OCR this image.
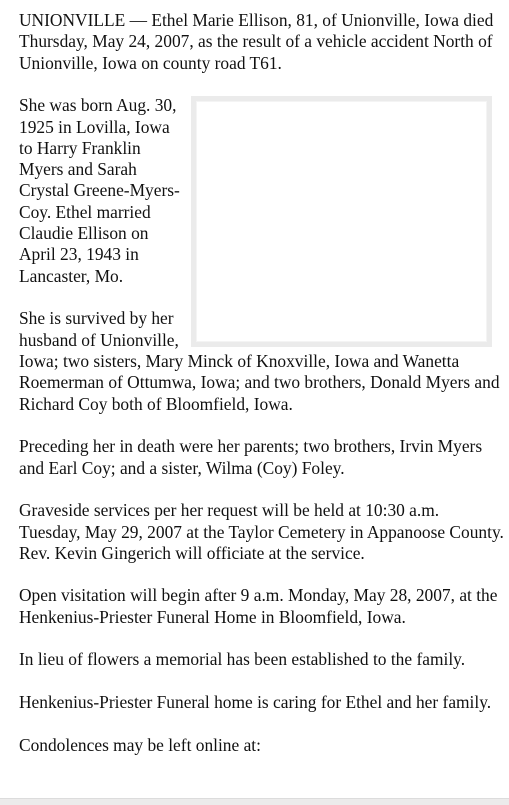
UNIONVILLE — Ethel Marie Ellison, 81, of Unionville, Iowa died Thursday, May 24, 2007, as the result of a vehicle accident North of Unionville, Iowa on county road T61.

She was born Aug. 30, 1925 in Lovilla, Iowa to Harry Franklin Myers and Sarah Crystal Greene-Myers-Coy. Ethel married Claudie Ellison on April 23, 1943 in Lancaster, Mo.

She is survived by her husband of Unionville, Iowa; two sisters, Mary Minck of Knoxville, Iowa and Wanetta Roemerman of Ottumwa, Iowa; and two brothers, Donald Myers and Richard Coy both of Bloomfield, Iowa.

Preceding her in death were her parents; two brothers, Irvin Myers and Earl Coy; and a sister, Wilma (Coy) Foley.

Graveside services per her request will be held at 10:30 a.m. Tuesday, May 29, 2007 at the Taylor Cemetery in Appanoose County. Rev. Kevin Gingerich will officiate at the service.

Open visitation will begin after 9 a.m. Monday, May 28, 2007, at the Henkenius-Priester Funeral Home in Bloomfield, Iowa.

In lieu of flowers a memorial has been established to the family.

Henkenius-Priester Funeral home is caring for Ethel and her family.

Condolences may be left online at:
